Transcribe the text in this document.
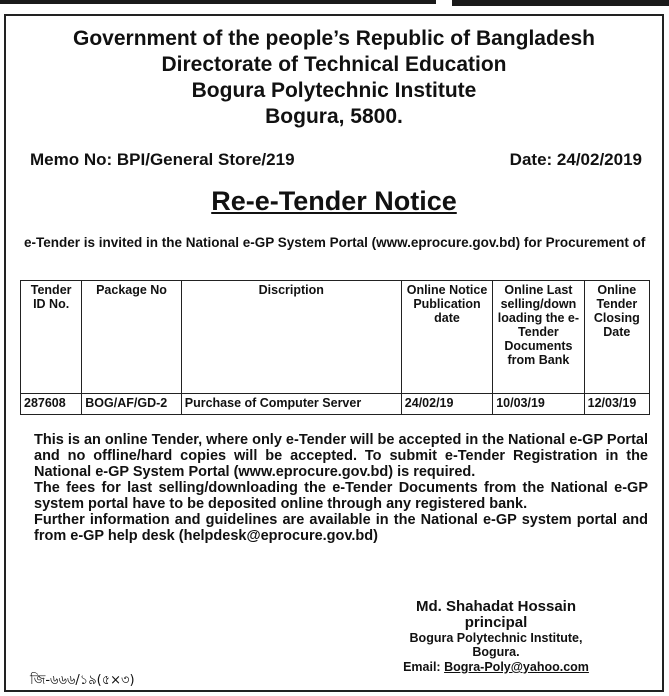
Government of the people’s Republic of Bangladesh
Directorate of Technical Education
Bogura Polytechnic Institute
Bogura, 5800.
Memo No: BPI/General Store/219	Date: 24/02/2019
Re-e-Tender Notice
e-Tender is invited in the National e-GP System Portal (www.eprocure.gov.bd) for Procurement of
Tender ID No.	Package No	Discription	Online Notice Publication date	Online Last selling/down loading the e-Tender Documents from Bank	Online Tender Closing Date
287608	BOG/AF/GD-2	Purchase of Computer Server	24/02/19	10/03/19	12/03/19

This is an online Tender, where only e-Tender will be accepted in the National e-GP Portal and no offline/hard copies will be accepted. To submit e-Tender Registration in the National e-GP System Portal (www.eprocure.gov.bd) is required.

The fees for last selling/downloading the e-Tender Documents from the National e-GP system portal have to be deposited online through any registered bank.

Further information and guidelines are available in the National e-GP system portal and from e-GP help desk (helpdesk@eprocure.gov.bd)

Md. Shahadat Hossain
principal
Bogura Polytechnic Institute,
Bogura.
Email: Bogra-Poly@yahoo.com
জি-৬৬৬/১৯(৫×৩)
